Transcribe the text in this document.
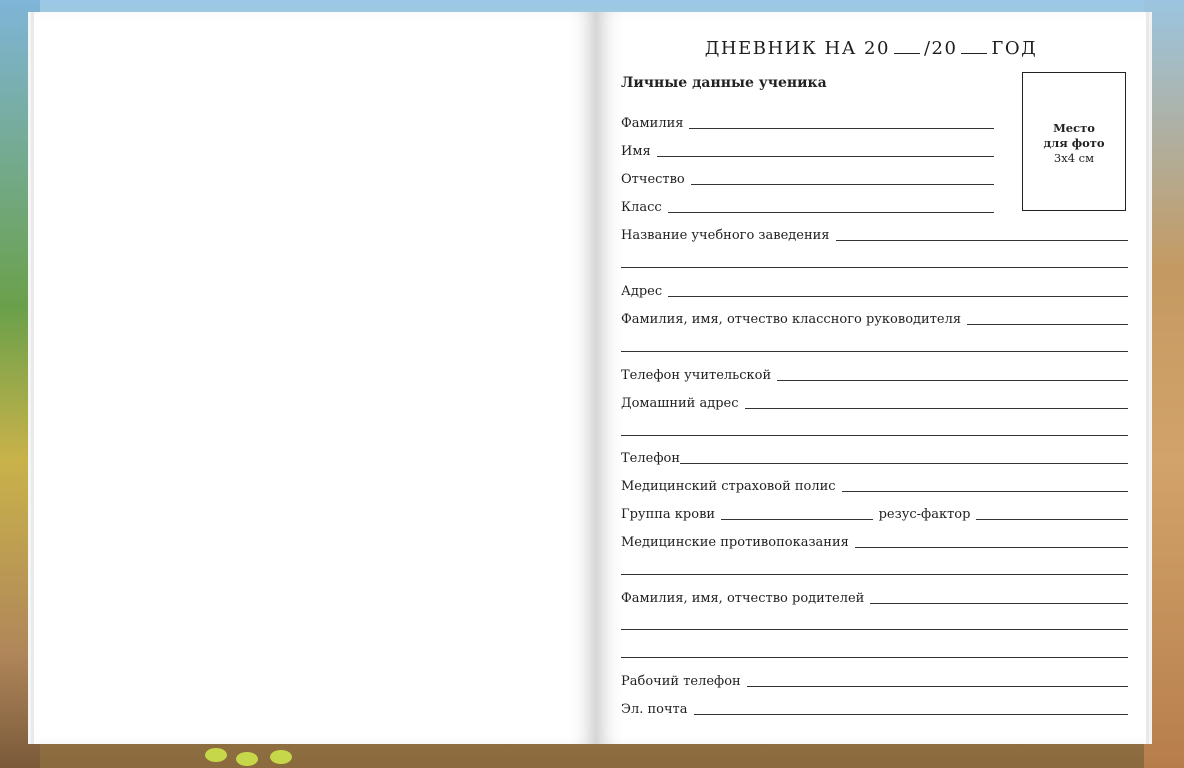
ДНЕВНИК НА 20 /20 ГОД
Личные данные ученика
Место
для фото
3х4 см
Фамилия
Имя
Отчество
Класс
Название учебного заведения
Адрес
Фамилия, имя, отчество классного руководителя
Телефон учительской
Домашний адрес
Телефон
Медицинский страховой полис
Группа крови	резус-фактор
Медицинские противопоказания
Фамилия, имя, отчество родителей
Рабочий телефон
Эл. почта
